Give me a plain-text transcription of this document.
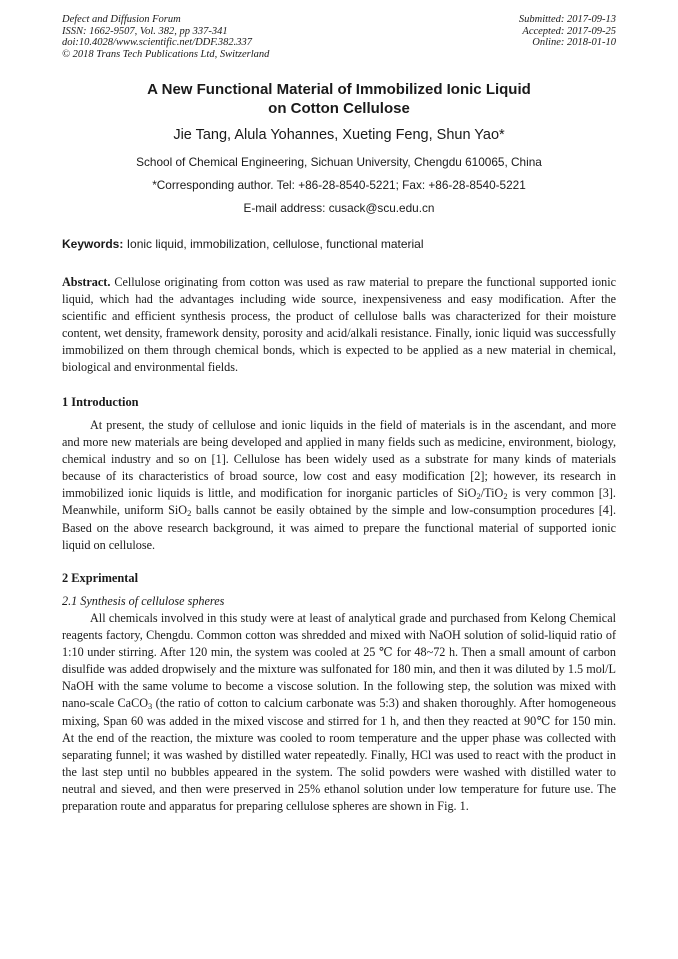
Defect and Diffusion Forum
ISSN: 1662-9507, Vol. 382, pp 337-341
doi:10.4028/www.scientific.net/DDF.382.337
© 2018 Trans Tech Publications Ltd, Switzerland
Submitted: 2017-09-13
Accepted: 2017-09-25
Online: 2018-01-10
A New Functional Material of Immobilized Ionic Liquid
on Cotton Cellulose
Jie Tang, Alula Yohannes, Xueting Feng, Shun Yao*
School of Chemical Engineering, Sichuan University, Chengdu 610065, China
*Corresponding author. Tel: +86-28-8540-5221; Fax: +86-28-8540-5221
E-mail address: cusack@scu.edu.cn
Keywords: Ionic liquid, immobilization, cellulose, functional material

Abstract. Cellulose originating from cotton was used as raw material to prepare the functional supported ionic liquid, which had the advantages including wide source, inexpensiveness and easy modification. After the scientific and efficient synthesis process, the product of cellulose balls was characterized for their moisture content, wet density, framework density, porosity and acid/alkali resistance. Finally, ionic liquid was successfully immobilized on them through chemical bonds, which is expected to be applied as a new material in chemical, biological and environmental fields.

1 Introduction

At present, the study of cellulose and ionic liquids in the field of materials is in the ascendant, and more and more new materials are being developed and applied in many fields such as medicine, environment, biology, chemical industry and so on [1]. Cellulose has been widely used as a substrate for many kinds of materials because of its characteristics of broad source, low cost and easy modification [2]; however, its research in immobilized ionic liquids is little, and modification for inorganic particles of SiO$_2$/TiO$_2$ is very common [3]. Meanwhile, uniform SiO$_2$ balls cannot be easily obtained by the simple and low-consumption procedures [4]. Based on the above research background, it was aimed to prepare the functional material of supported ionic liquid on cellulose.

2 Exprimental
2.1 Synthesis of cellulose spheres

All chemicals involved in this study were at least of analytical grade and purchased from Kelong Chemical reagents factory, Chengdu. Common cotton was shredded and mixed with NaOH solution of solid-liquid ratio of 1:10 under stirring. After 120 min, the system was cooled at 25 ℃ for 48~72 h. Then a small amount of carbon disulfide was added dropwisely and the mixture was sulfonated for 180 min, and then it was diluted by 1.5 mol/L NaOH with the same volume to become a viscose solution. In the following step, the solution was mixed with nano-scale CaCO$_3$ (the ratio of cotton to calcium carbonate was 5:3) and shaken thoroughly. After homogeneous mixing, Span 60 was added in the mixed viscose and stirred for 1 h, and then they reacted at 90℃ for 150 min. At the end of the reaction, the mixture was cooled to room temperature and the upper phase was collected with separating funnel; it was washed by distilled water repeatedly. Finally, HCl was used to react with the product in the last step until no bubbles appeared in the system. The solid powders were washed with distilled water to neutral and sieved, and then were preserved in 25% ethanol solution under low temperature for future use. The preparation route and apparatus for preparing cellulose spheres are shown in Fig. 1.
